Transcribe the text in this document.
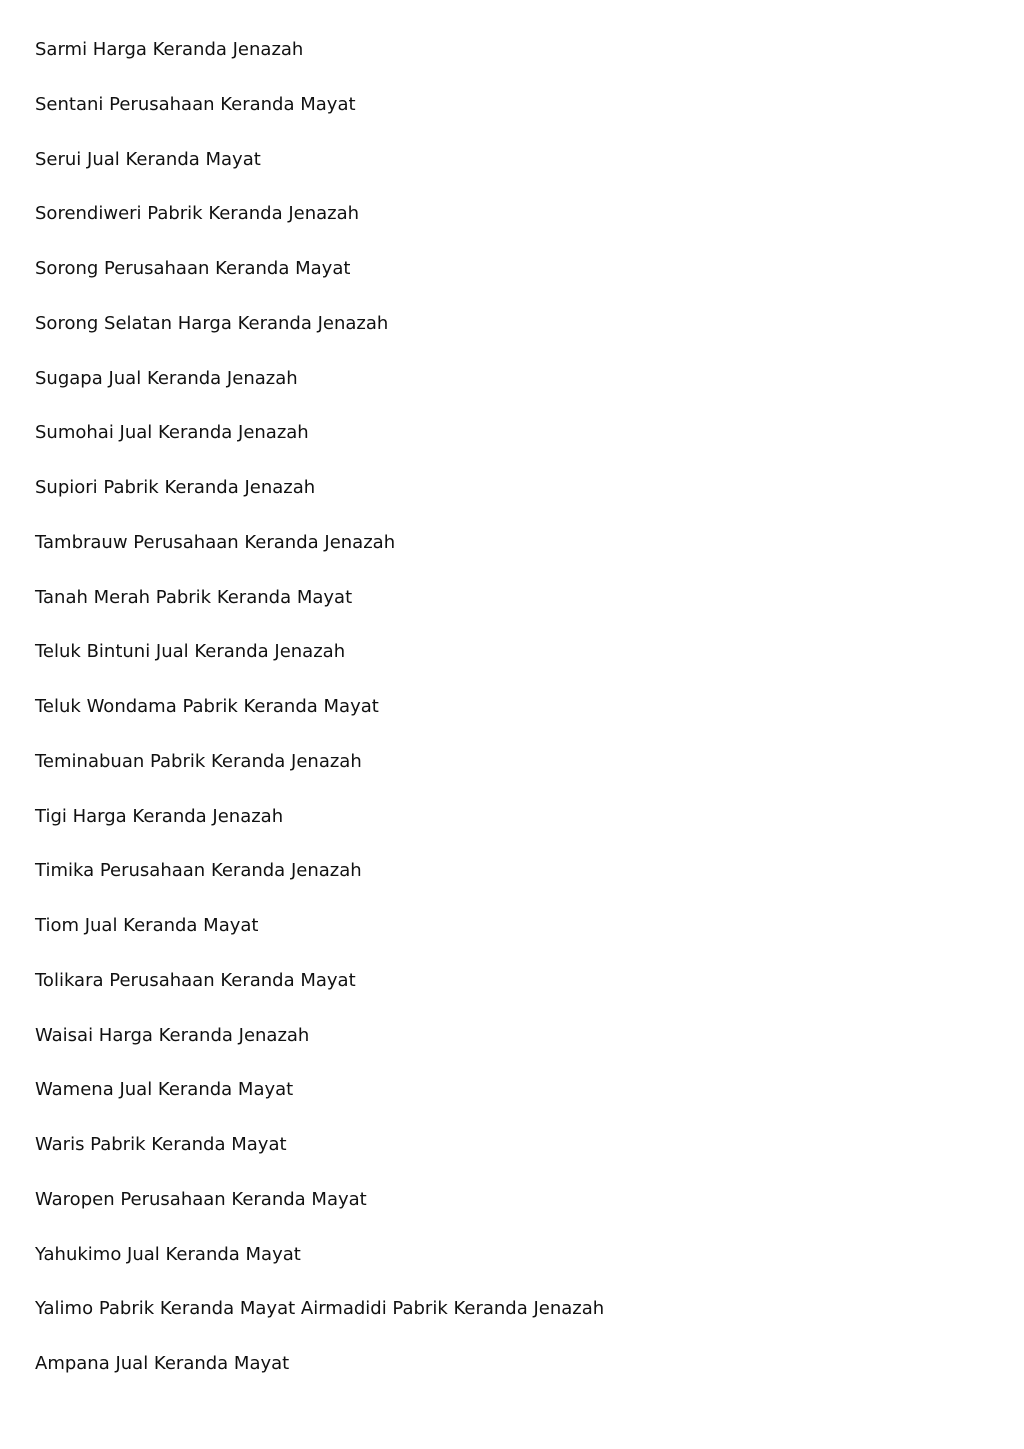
Sarmi Harga Keranda Jenazah
Sentani Perusahaan Keranda Mayat
Serui Jual Keranda Mayat
Sorendiweri Pabrik Keranda Jenazah
Sorong Perusahaan Keranda Mayat
Sorong Selatan Harga Keranda Jenazah
Sugapa Jual Keranda Jenazah
Sumohai Jual Keranda Jenazah
Supiori Pabrik Keranda Jenazah
Tambrauw Perusahaan Keranda Jenazah
Tanah Merah Pabrik Keranda Mayat
Teluk Bintuni Jual Keranda Jenazah
Teluk Wondama Pabrik Keranda Mayat
Teminabuan Pabrik Keranda Jenazah
Tigi Harga Keranda Jenazah
Timika Perusahaan Keranda Jenazah
Tiom Jual Keranda Mayat
Tolikara Perusahaan Keranda Mayat
Waisai Harga Keranda Jenazah
Wamena Jual Keranda Mayat
Waris Pabrik Keranda Mayat
Waropen Perusahaan Keranda Mayat
Yahukimo Jual Keranda Mayat
Yalimo Pabrik Keranda Mayat Airmadidi Pabrik Keranda Jenazah
Ampana Jual Keranda Mayat
